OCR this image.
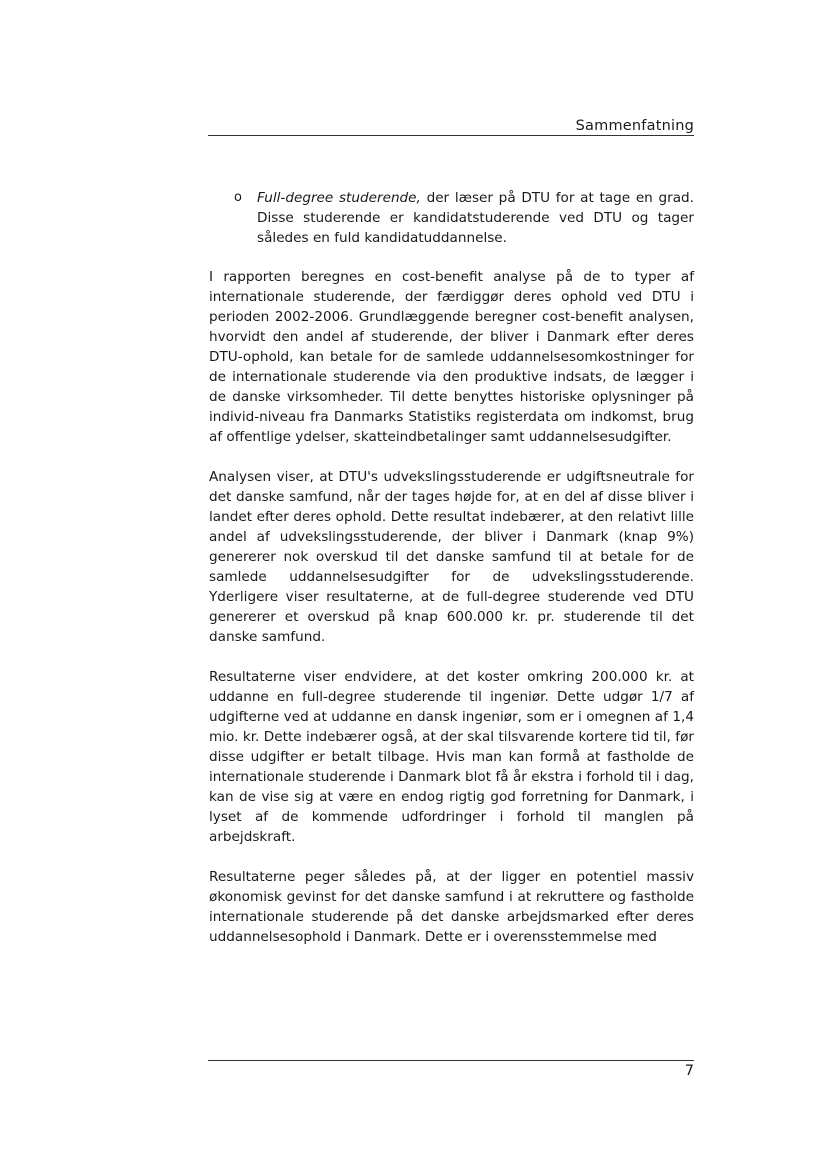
Sammenfatning
o Full-degree studerende, der læser på DTU for at tage en grad. Disse studerende er kandidatstuderende ved DTU og tager således en fuld kandidatuddannelse.

I rapporten beregnes en cost-benefit analyse på de to typer af internationale studerende, der færdiggør deres ophold ved DTU i perioden 2002-2006. Grundlæggende beregner cost-benefit analysen, hvorvidt den andel af studerende, der bliver i Danmark efter deres DTU-ophold, kan betale for de samlede uddannelsesomkostninger for de internationale studerende via den produktive indsats, de lægger i de danske virksomheder. Til dette benyttes historiske oplysninger på individ-niveau fra Danmarks Statistiks registerdata om indkomst, brug af offentlige ydelser, skatteindbetalinger samt uddannelsesudgifter.

Analysen viser, at DTU's udvekslingsstuderende er udgiftsneutrale for det danske samfund, når der tages højde for, at en del af disse bliver i landet efter deres ophold. Dette resultat indebærer, at den relativt lille andel af udvekslingsstuderende, der bliver i Danmark (knap 9%) genererer nok overskud til det danske samfund til at betale for de samlede uddannelsesudgifter for de udvekslingsstuderende. Yderligere viser resultaterne, at de full-degree studerende ved DTU genererer et overskud på knap 600.000 kr. pr. studerende til det danske samfund.

Resultaterne viser endvidere, at det koster omkring 200.000 kr. at uddanne en full-degree studerende til ingeniør. Dette udgør 1/7 af udgifterne ved at uddanne en dansk ingeniør, som er i omegnen af 1,4 mio. kr. Dette indebærer også, at der skal tilsvarende kortere tid til, før disse udgifter er betalt tilbage. Hvis man kan formå at fastholde de internationale studerende i Danmark blot få år ekstra i forhold til i dag, kan de vise sig at være en endog rigtig god forretning for Danmark, i lyset af de kommende udfordringer i forhold til manglen på arbejdskraft.

Resultaterne peger således på, at der ligger en potentiel massiv økonomisk gevinst for det danske samfund i at rekruttere og fastholde internationale studerende på det danske arbejdsmarked efter deres uddannelsesophold i Danmark. Dette er i overensstemmelse med

7
